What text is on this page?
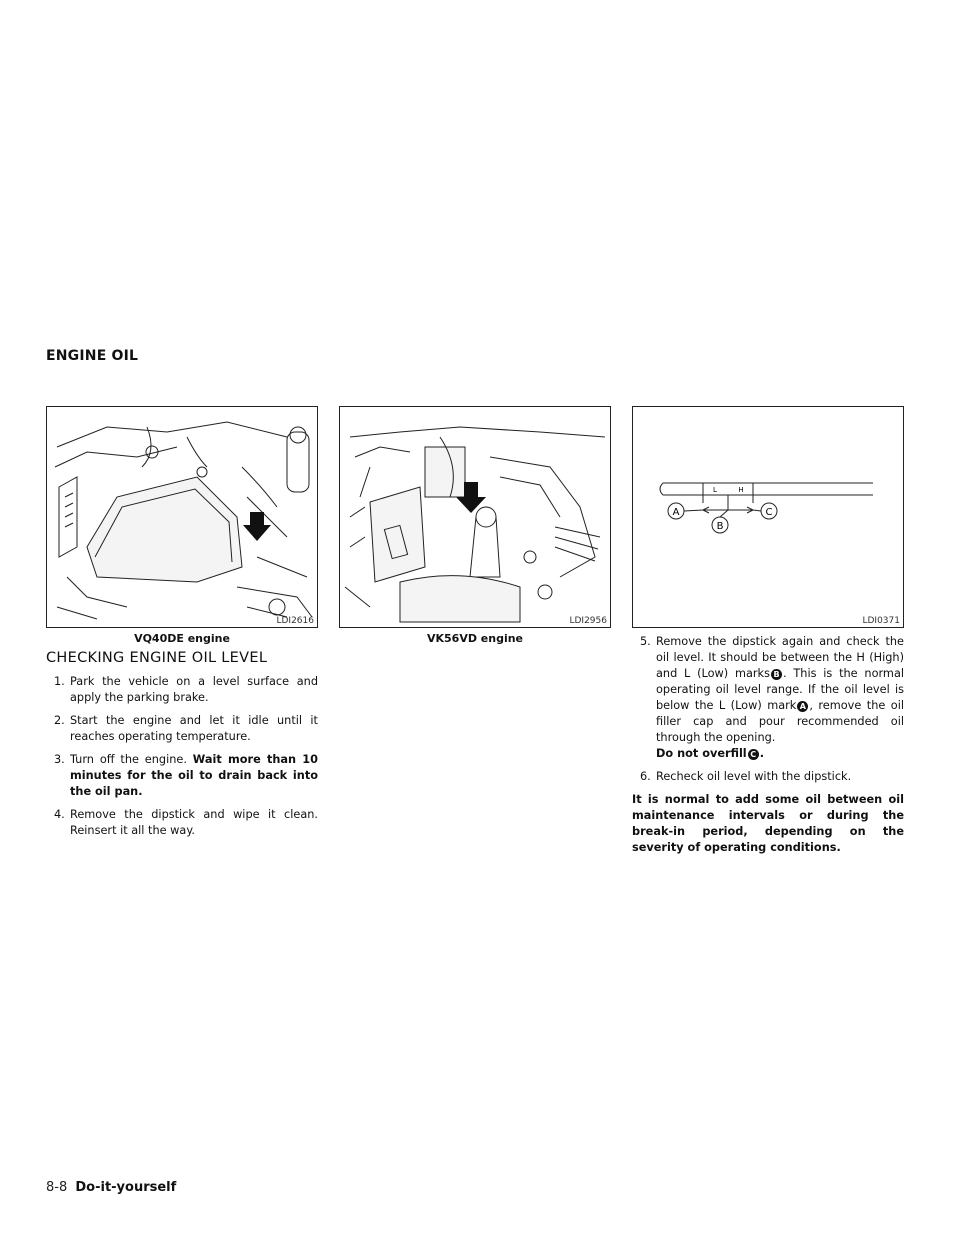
ENGINE OIL
LDI2616
VQ40DE engine
LDI2956
VK56VD engine
A
B
C
H
L
LDI0371
CHECKING ENGINE OIL LEVEL
1. Park the vehicle on a level surface and apply the parking brake.
2. Start the engine and let it idle until it reaches operating temperature.
3. Turn off the engine. Wait more than 10 minutes for the oil to drain back into the oil pan.
4. Remove the dipstick and wipe it clean. Reinsert it all the way.
5. Remove the dipstick again and check the oil level. It should be between the H (High) and L (Low) marks B . This is the normal operating oil level range. If the oil level is below the L (Low) mark A , remove the oil filler cap and pour recommended oil through the opening.
Do not overfill C .
6. Recheck oil level with the dipstick.
It is normal to add some oil between oil maintenance intervals or during the break-in period, depending on the severity of operating conditions.
8-8 Do-it-yourself
